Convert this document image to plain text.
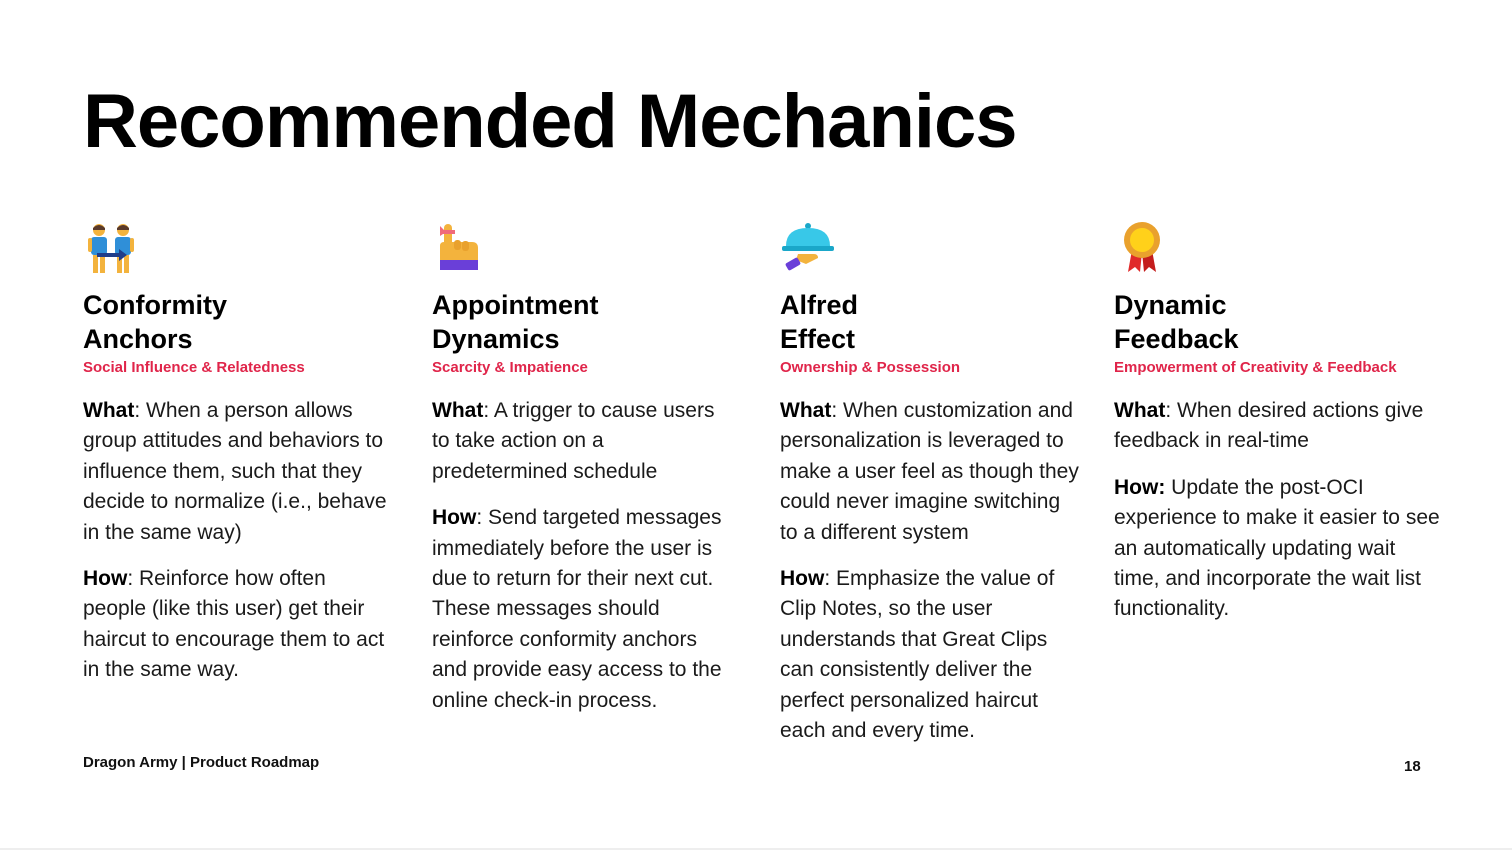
Recommended Mechanics
Conformity
Anchors
Social Influence & Relatedness
What: When a person allows group attitudes and behaviors to influence them, such that they decide to normalize (i.e., behave in the same way)
How: Reinforce how often people (like this user) get their haircut to encourage them to act in the same way.
Appointment
Dynamics
Scarcity & Impatience
What: A trigger to cause users to take action on a predetermined schedule
How: Send targeted messages immediately before the user is due to return for their next cut. These messages should reinforce conformity anchors and provide easy access to the online check-in process.
Alfred
Effect
Ownership & Possession
What: When customization and personalization is leveraged to make a user feel as though they could never imagine switching to a different system
How: Emphasize the value of Clip Notes, so the user understands that Great Clips can consistently deliver the perfect personalized haircut each and every time.
Dynamic
Feedback
Empowerment of Creativity & Feedback
What: When desired actions give feedback in real-time
How: Update the post-OCI experience to make it easier to see an automatically updating wait time, and incorporate the wait list functionality.
Dragon Army | Product Roadmap	18
